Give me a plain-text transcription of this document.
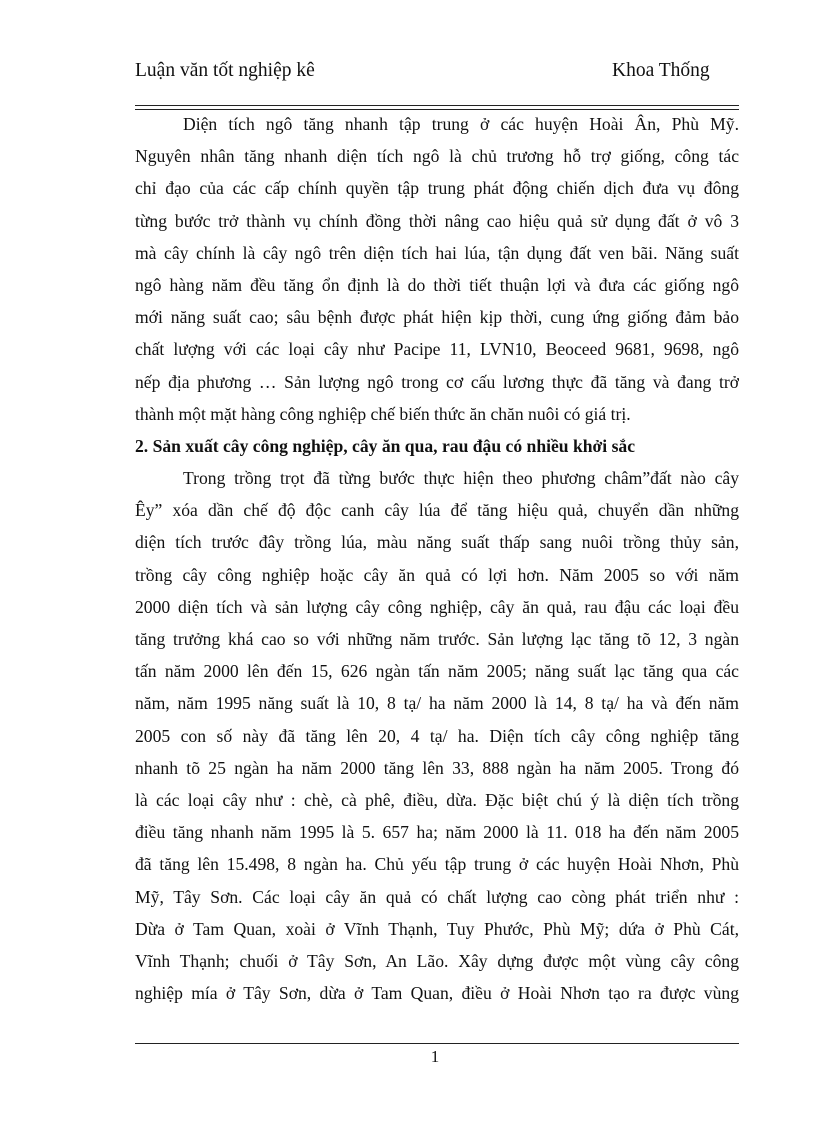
Luận văn tốt nghiệp kê	Khoa Thống
Diện tích ngô tăng nhanh tập trung ở các huyện Hoài Ân, Phù Mỹ.
Nguyên nhân tăng nhanh diện tích ngô là chủ trương hỗ trợ giống, công tác
chỉ đạo của các cấp chính quyền tập trung phát động chiến dịch đưa vụ đông
từng bước trở thành vụ chính đồng thời nâng cao hiệu quả sử dụng đất ở vô 3
mà cây chính là cây ngô trên diện tích hai lúa, tận dụng đất ven bãi. Năng suất
ngô hàng năm đều tăng ổn định là do thời tiết thuận lợi và đưa các giống ngô
mới năng suất cao; sâu bệnh được phát hiện kịp thời, cung ứng giống đảm bảo
chất lượng với các loại cây như Pacipe 11, LVN10, Beoceed 9681, 9698, ngô
nếp địa phương … Sản lượng ngô trong cơ cấu lương thực đã tăng và đang trở
thành một mặt hàng công nghiệp chế biến thức ăn chăn nuôi có giá trị.
2. Sản xuất cây công nghiệp, cây ăn qua, rau đậu có nhiều khởi sắc
Trong trồng trọt đã từng bước thực hiện theo phương châm”đất nào cây
Êy” xóa dần chế độ độc canh cây lúa để tăng hiệu quả, chuyển dần những
diện tích trước đây trồng lúa, màu năng suất thấp sang nuôi trồng thủy sản,
trồng cây công nghiệp hoặc cây ăn quả có lợi hơn. Năm 2005 so với năm
2000 diện tích và sản lượng cây công nghiệp, cây ăn quả, rau đậu các loại đều
tăng trưởng khá cao so với những năm trước. Sản lượng lạc tăng tõ 12, 3 ngàn
tấn năm 2000 lên đến 15, 626 ngàn tấn năm 2005; năng suất lạc tăng qua các
năm, năm 1995 năng suất là 10, 8 tạ/ ha năm 2000 là 14, 8 tạ/ ha và đến năm
2005 con số này đã tăng lên 20, 4 tạ/ ha. Diện tích cây công nghiệp tăng
nhanh tõ 25 ngàn ha năm 2000 tăng lên 33, 888 ngàn ha năm 2005. Trong đó
là các loại cây như : chè, cà phê, điều, dừa. Đặc biệt chú ý là diện tích trồng
điều tăng nhanh năm 1995 là 5. 657 ha; năm 2000 là 11. 018 ha đến năm 2005
đã tăng lên 15.498, 8 ngàn ha. Chủ yếu tập trung ở các huyện Hoài Nhơn, Phù
Mỹ, Tây Sơn. Các loại cây ăn quả có chất lượng cao còng phát triển như :
Dừa ở Tam Quan, xoài ở Vĩnh Thạnh, Tuy Phước, Phù Mỹ; dứa ở Phù Cát,
Vĩnh Thạnh; chuối ở Tây Sơn, An Lão. Xây dựng được một vùng cây công
nghiệp mía ở Tây Sơn, dừa ở Tam Quan, điều ở Hoài Nhơn tạo ra được vùng
1
